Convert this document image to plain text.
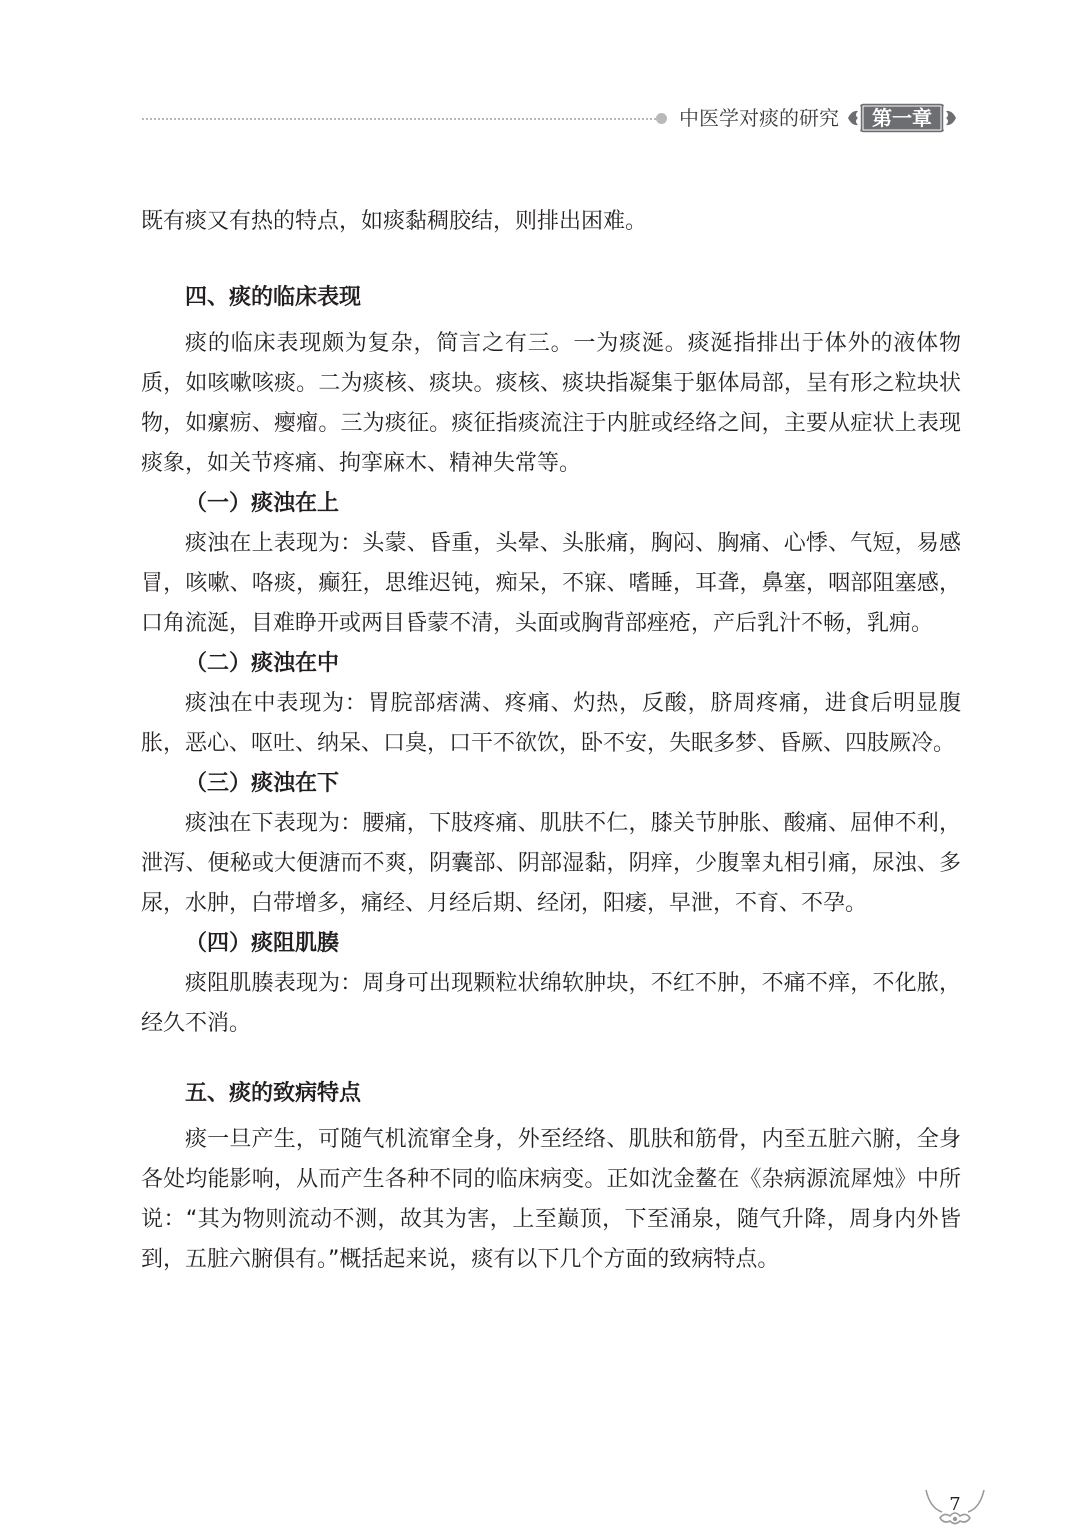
中医学对痰的研究	第一章

既有痰又有热的特点，如痰黏稠胶结，则排出困难。

四、痰的临床表现

痰的临床表现颇为复杂，简言之有三。一为痰涎。痰涎指排出于体外的液体物质，如咳嗽咳痰。二为痰核、痰块。痰核、痰块指凝集于躯体局部，呈有形之粒块状物，如瘰疬、瘿瘤。三为痰征。痰征指痰流注于内脏或经络之间，主要从症状上表现痰象，如关节疼痛、拘挛麻木、精神失常等。

（一）痰浊在上

痰浊在上表现为：头蒙、昏重，头晕、头胀痛，胸闷、胸痛、心悸、气短，易感冒，咳嗽、咯痰，癫狂，思维迟钝，痴呆，不寐、嗜睡，耳聋，鼻塞，咽部阻塞感，口角流涎，目难睁开或两目昏蒙不清，头面或胸背部痤疮，产后乳汁不畅，乳痈。

（二）痰浊在中

痰浊在中表现为：胃脘部痞满、疼痛、灼热，反酸，脐周疼痛，进食后明显腹胀，恶心、呕吐、纳呆、口臭，口干不欲饮，卧不安，失眠多梦、昏厥、四肢厥冷。

（三）痰浊在下

痰浊在下表现为：腰痛，下肢疼痛、肌肤不仁，膝关节肿胀、酸痛、屈伸不利，泄泻、便秘或大便溏而不爽，阴囊部、阴部湿黏，阴痒，少腹睾丸相引痛，尿浊、多尿，水肿，白带增多，痛经、月经后期、经闭，阳痿，早泄，不育、不孕。

（四）痰阻肌腠

痰阻肌腠表现为：周身可出现颗粒状绵软肿块，不红不肿，不痛不痒，不化脓，经久不消。

五、痰的致病特点

痰一旦产生，可随气机流窜全身，外至经络、肌肤和筋骨，内至五脏六腑，全身各处均能影响，从而产生各种不同的临床病变。正如沈金鳌在《杂病源流犀烛》中所说：“其为物则流动不测，故其为害，上至巅顶，下至涌泉，随气升降，周身内外皆到，五脏六腑俱有。”概括起来说，痰有以下几个方面的致病特点。

7
